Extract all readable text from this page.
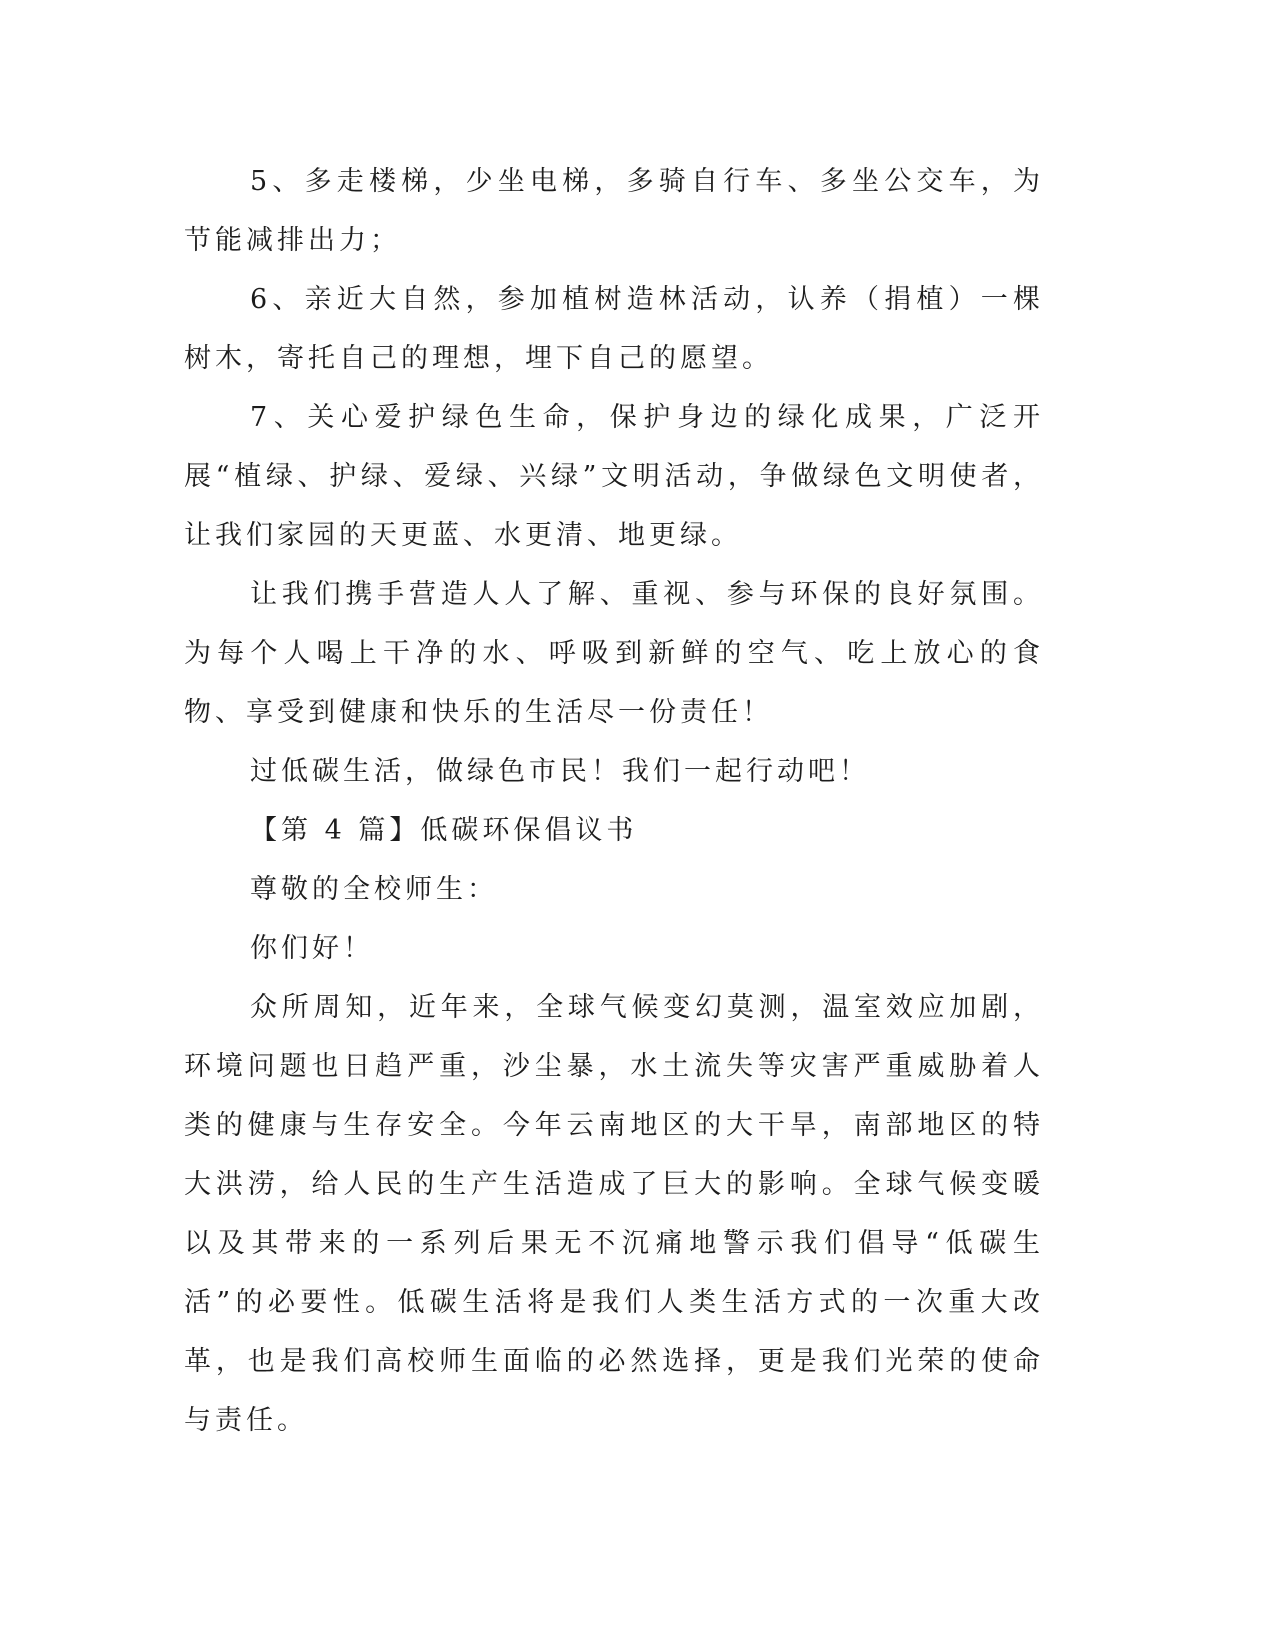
5、多走楼梯，少坐电梯，多骑自行车、多坐公交车，为节能减排出力；

6、亲近大自然，参加植树造林活动，认养（捐植）一棵树木，寄托自己的理想，埋下自己的愿望。

7、关心爱护绿色生命，保护身边的绿化成果，广泛开展“植绿、护绿、爱绿、兴绿”文明活动，争做绿色文明使者，让我们家园的天更蓝、水更清、地更绿。

让我们携手营造人人了解、重视、参与环保的良好氛围。为每个人喝上干净的水、呼吸到新鲜的空气、吃上放心的食物、享受到健康和快乐的生活尽一份责任！

过低碳生活，做绿色市民！我们一起行动吧！

【第 4 篇】低碳环保倡议书

尊敬的全校师生：

你们好！

众所周知，近年来，全球气候变幻莫测，温室效应加剧，环境问题也日趋严重，沙尘暴，水土流失等灾害严重威胁着人类的健康与生存安全。今年云南地区的大干旱，南部地区的特大洪涝，给人民的生产生活造成了巨大的影响。全球气候变暖以及其带来的一系列后果无不沉痛地警示我们倡导“低碳生活”的必要性。低碳生活将是我们人类生活方式的一次重大改革，也是我们高校师生面临的必然选择，更是我们光荣的使命与责任。
